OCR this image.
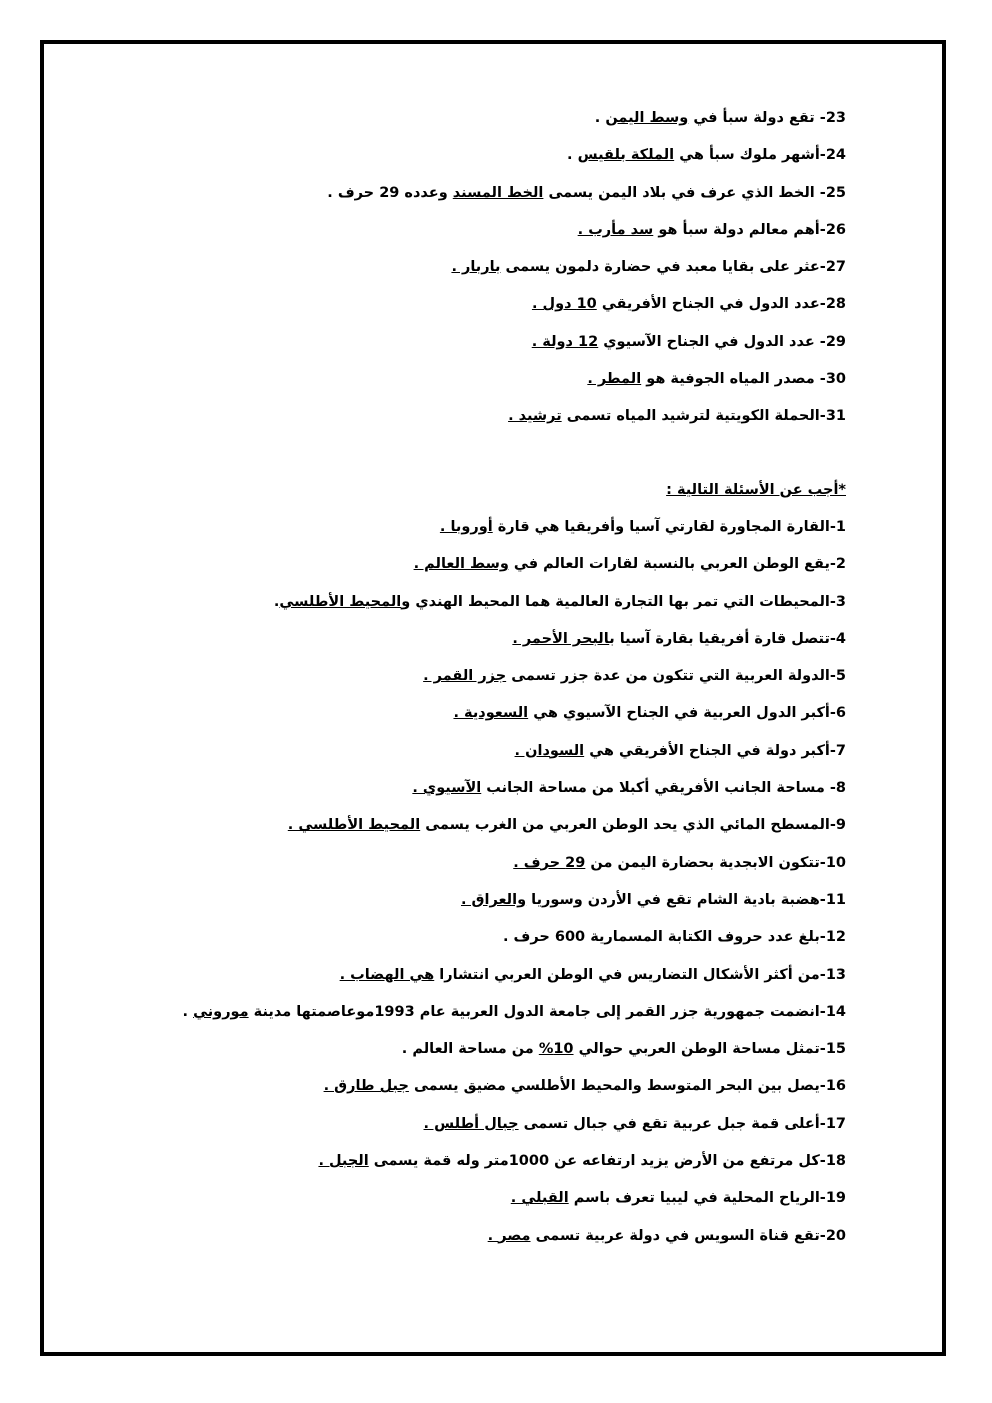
23- تقع دولة سبأ في وسط اليمن .
24-أشهر ملوك سبأ هي الملكة بلقيس .
25- الخط الذي عرف في بلاد اليمن يسمى الخط المسند وعدده 29 حرف .
26-أهم معالم دولة سبأ هو سد مأرب .
27-عثر على بقايا معبد في حضارة دلمون يسمى باربار .
28-عدد الدول في الجناح الأفريقي 10 دول .
29- عدد الدول في الجناح الآسيوي 12 دولة .
30- مصدر المياه الجوفية هو المطر .
31-الحملة الكويتية لترشيد المياه تسمى ترشيد .
*أجب عن الأسئلة التالية :
1-القارة المجاورة لقارتي آسيا وأفريقيا هي قارة أوروبا .
2-يقع الوطن العربي بالنسبة لقارات العالم في وسط العالم .
3-المحيطات التي تمر بها التجارة العالمية هما المحيط الهندي والمحيط الأطلسي.
4-تتصل قارة أفريقيا بقارة آسيا بالبحر الأحمر .
5-الدولة العربية التي تتكون من عدة جزر تسمى جزر القمر .
6-أكبر الدول العربية في الجناح الآسيوي هي السعودية .
7-أكبر دولة في الجناح الأفريقي هي السودان .
8- مساحة الجانب الأفريقي أكبلا من مساحة الجانب الآسيوي .
9-المسطح المائي الذي يحد الوطن العربي من الغرب يسمى المحيط الأطلسي .
10-تتكون الابجدية بحضارة اليمن من 29 حرف .
11-هضبة بادية الشام تقع في الأردن وسوريا والعراق .
12-بلغ عدد حروف الكتابة المسمارية 600 حرف .
13-من أكثر الأشكال التضاريس في الوطن العربي انتشارا هي الهضاب .
14-انضمت جمهورية جزر القمر إلى جامعة الدول العربية عام 1993موعاصمتها مدينة موروني .
15-تمثل مساحة الوطن العربي حوالي 10% من مساحة العالم .
16-يصل بين البحر المتوسط والمحيط الأطلسي مضيق يسمى جبل طارق .
17-أعلى قمة جبل عربية تقع في جبال تسمى جبال أطلس .
18-كل مرتفع من الأرض يزيد ارتفاعه عن 1000متر وله قمة يسمى الجبل .
19-الرياح المحلية في ليبيا تعرف باسم القبلي .
20-تقع قناة السويس في دولة عربية تسمى مصر .
